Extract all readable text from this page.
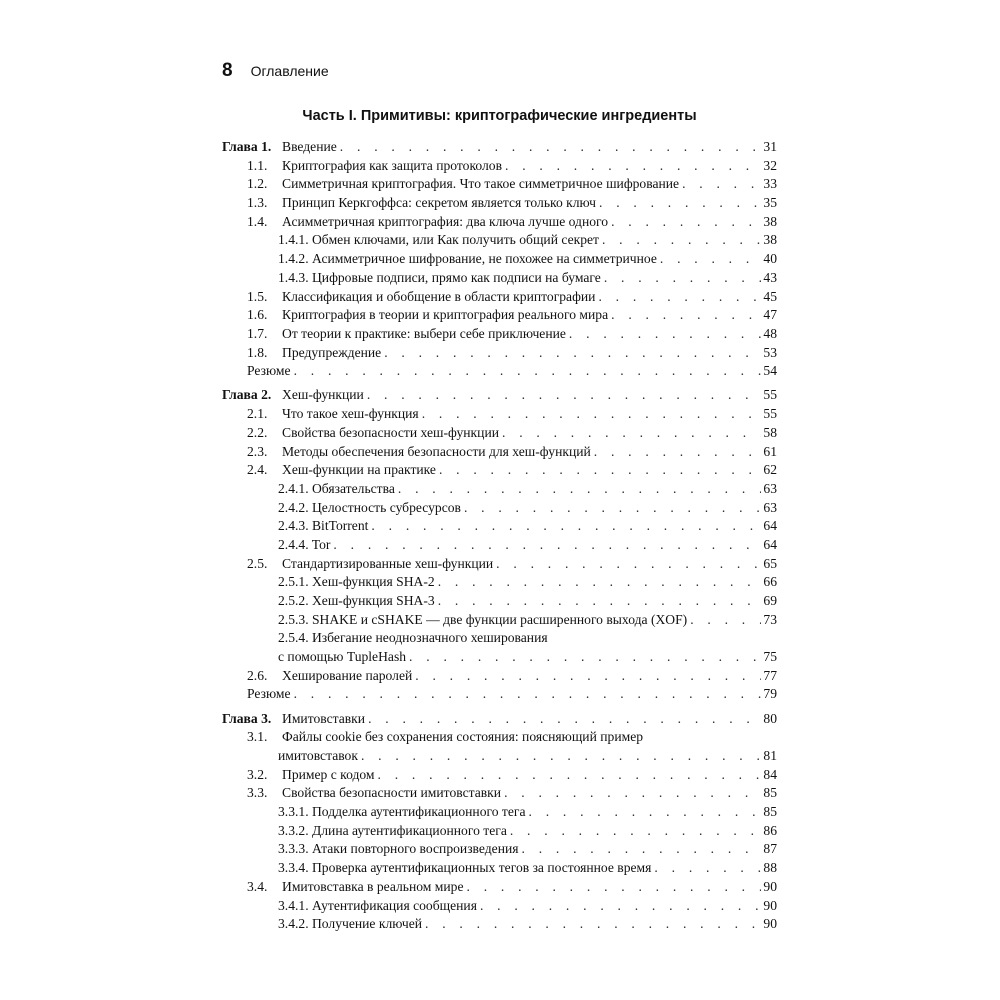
8 Оглавление
Часть I. Примитивы: криптографические ингредиенты
Глава 1. Введение . . .	31
1.1. Криптография как защита протоколов . . .	32
1.2. Симметричная криптография. Что такое симметричное шифрование . . .	33
1.3. Принцип Керкгоффса: секретом является только ключ . . .	35
1.4. Асимметричная криптография: два ключа лучше одного . . .	38
1.4.1. Обмен ключами, или Как получить общий секрет . . .	38
1.4.2. Асимметричное шифрование, не похожее на симметричное . . .	40
1.4.3. Цифровые подписи, прямо как подписи на бумаге . . .	43
1.5. Классификация и обобщение в области криптографии . . .	45
1.6. Криптография в теории и криптография реального мира . . .	47
1.7. От теории к практике: выбери себе приключение . . .	48
1.8. Предупреждение . . .	53
Резюме . . .	54
Глава 2. Хеш-функции . . .	55
2.1. Что такое хеш-функция . . .	55
2.2. Свойства безопасности хеш-функции . . .	58
2.3. Методы обеспечения безопасности для хеш-функций . . .	61
2.4. Хеш-функции на практике . . .	62
2.4.1. Обязательства . . .	63
2.4.2. Целостность субресурсов . . .	63
2.4.3. BitTorrent . . .	64
2.4.4. Tor . . .	64
2.5. Стандартизированные хеш-функции . . .	65
2.5.1. Хеш-функция SHA-2 . . .	66
2.5.2. Хеш-функция SHA-3 . . .	69
2.5.3. SHAKE и cSHAKE — две функции расширенного выхода (XOF) . . .	73
2.5.4. Избегание неоднозначного хеширования
с помощью TupleHash . . .	75
2.6. Хеширование паролей . . .	77
Резюме . . .	79
Глава 3. Имитовставки . . .	80
3.1. Файлы cookie без сохранения состояния: поясняющий пример
имитовставок . . .	81
3.2. Пример с кодом . . .	84
3.3. Свойства безопасности имитовставки . . .	85
3.3.1. Подделка аутентификационного тега . . .	85
3.3.2. Длина аутентификационного тега . . .	86
3.3.3. Атаки повторного воспроизведения . . .	87
3.3.4. Проверка аутентификационных тегов за постоянное время . . .	88
3.4. Имитовставка в реальном мире . . .	90
3.4.1. Аутентификация сообщения . . .	90
3.4.2. Получение ключей . . .	90
